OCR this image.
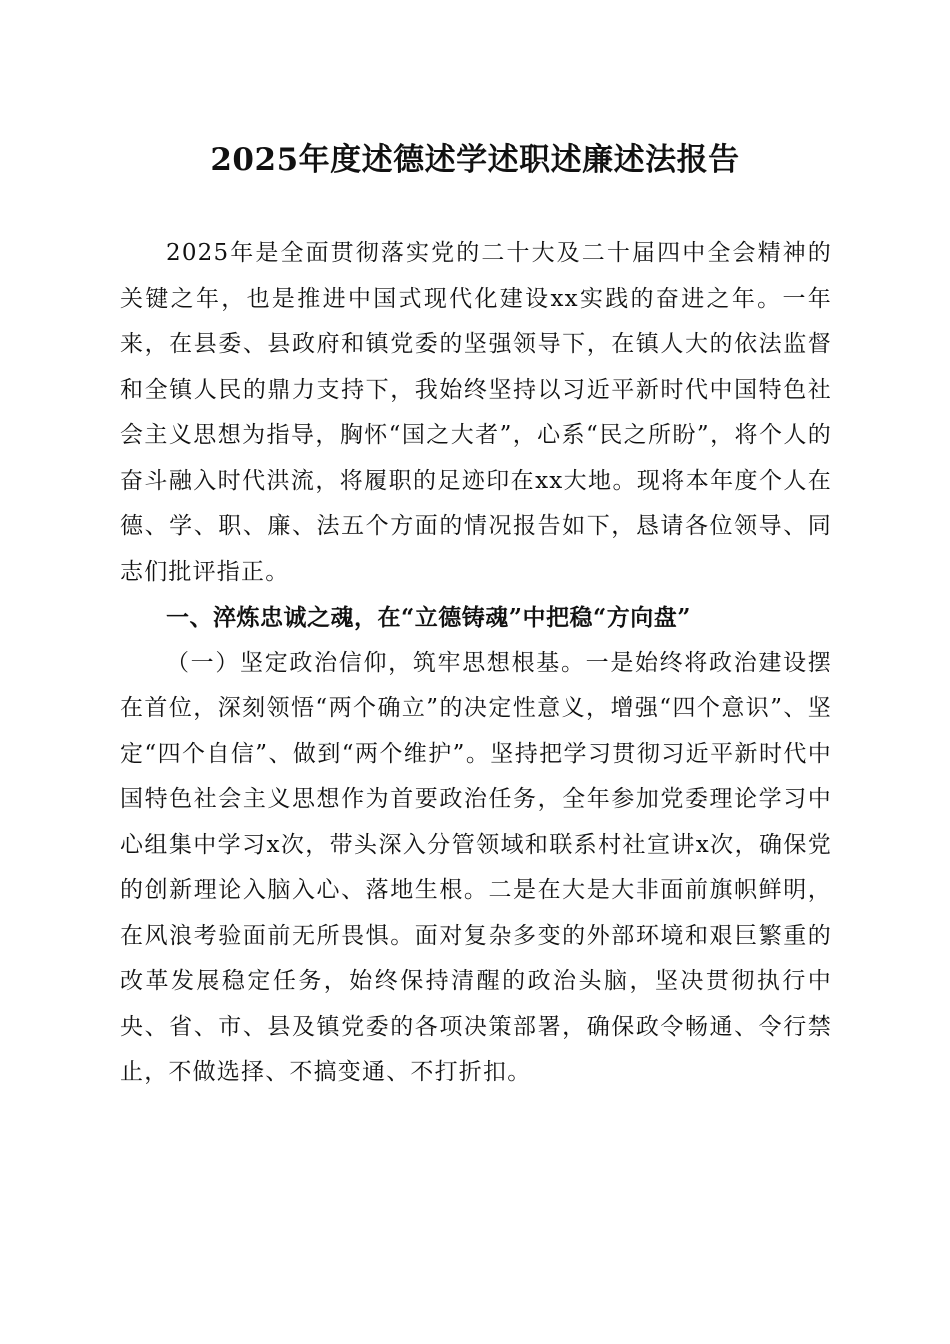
2025年度述德述学述职述廉述法报告

2025年是全面贯彻落实党的二十大及二十届四中全会精神的关键之年，也是推进中国式现代化建设xx实践的奋进之年。一年来，在县委、县政府和镇党委的坚强领导下，在镇人大的依法监督和全镇人民的鼎力支持下，我始终坚持以习近平新时代中国特色社会主义思想为指导，胸怀“国之大者”，心系“民之所盼”，将个人的奋斗融入时代洪流，将履职的足迹印在xx大地。现将本年度个人在德、学、职、廉、法五个方面的情况报告如下，恳请各位领导、同志们批评指正。

一、淬炼忠诚之魂，在“立德铸魂”中把稳“方向盘”

（一）坚定政治信仰，筑牢思想根基。一是始终将政治建设摆在首位，深刻领悟“两个确立”的决定性意义，增强“四个意识”、坚定“四个自信”、做到“两个维护”。坚持把学习贯彻习近平新时代中国特色社会主义思想作为首要政治任务，全年参加党委理论学习中心组集中学习x次，带头深入分管领域和联系村社宣讲x次，确保党的创新理论入脑入心、落地生根。二是在大是大非面前旗帜鲜明，在风浪考验面前无所畏惧。面对复杂多变的外部环境和艰巨繁重的改革发展稳定任务，始终保持清醒的政治头脑，坚决贯彻执行中央、省、市、县及镇党委的各项决策部署，确保政令畅通、令行禁止，不做选择、不搞变通、不打折扣。
